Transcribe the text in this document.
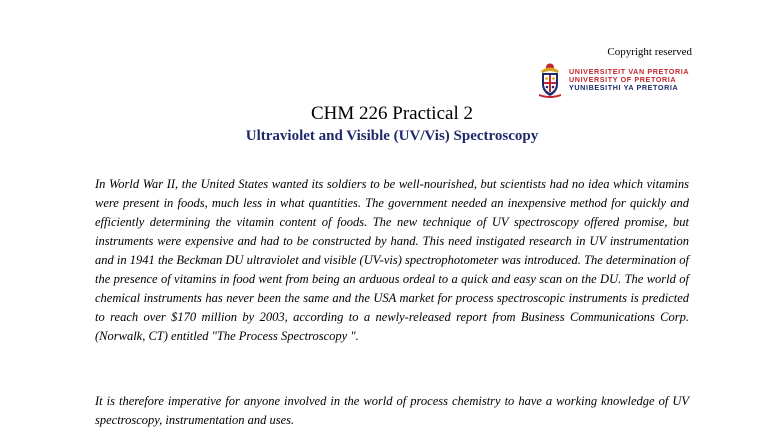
Copyright reserved
UNIVERSITEIT VAN PRETORIA
UNIVERSITY OF PRETORIA
YUNIBESITHI YA PRETORIA
CHM 226 Practical 2
Ultraviolet and Visible (UV/Vis) Spectroscopy

In World War II, the United States wanted its soldiers to be well-nourished, but scientists had no idea which vitamins were present in foods, much less in what quantities. The government needed an inexpensive method for quickly and efficiently determining the vitamin content of foods. The new technique of UV spectroscopy offered promise, but instruments were expensive and had to be constructed by hand. This need instigated research in UV instrumentation and in 1941 the Beckman DU ultraviolet and visible (UV-vis) spectrophotometer was introduced. The determination of the presence of vitamins in food went from being an arduous ordeal to a quick and easy scan on the DU. The world of chemical instruments has never been the same and the USA market for process spectroscopic instruments is predicted to reach over $170 million by 2003, according to a newly-released report from Business Communications Corp. (Norwalk, CT) entitled "The Process Spectroscopy ".

It is therefore imperative for anyone involved in the world of process chemistry to have a working knowledge of UV spectroscopy, instrumentation and uses.
